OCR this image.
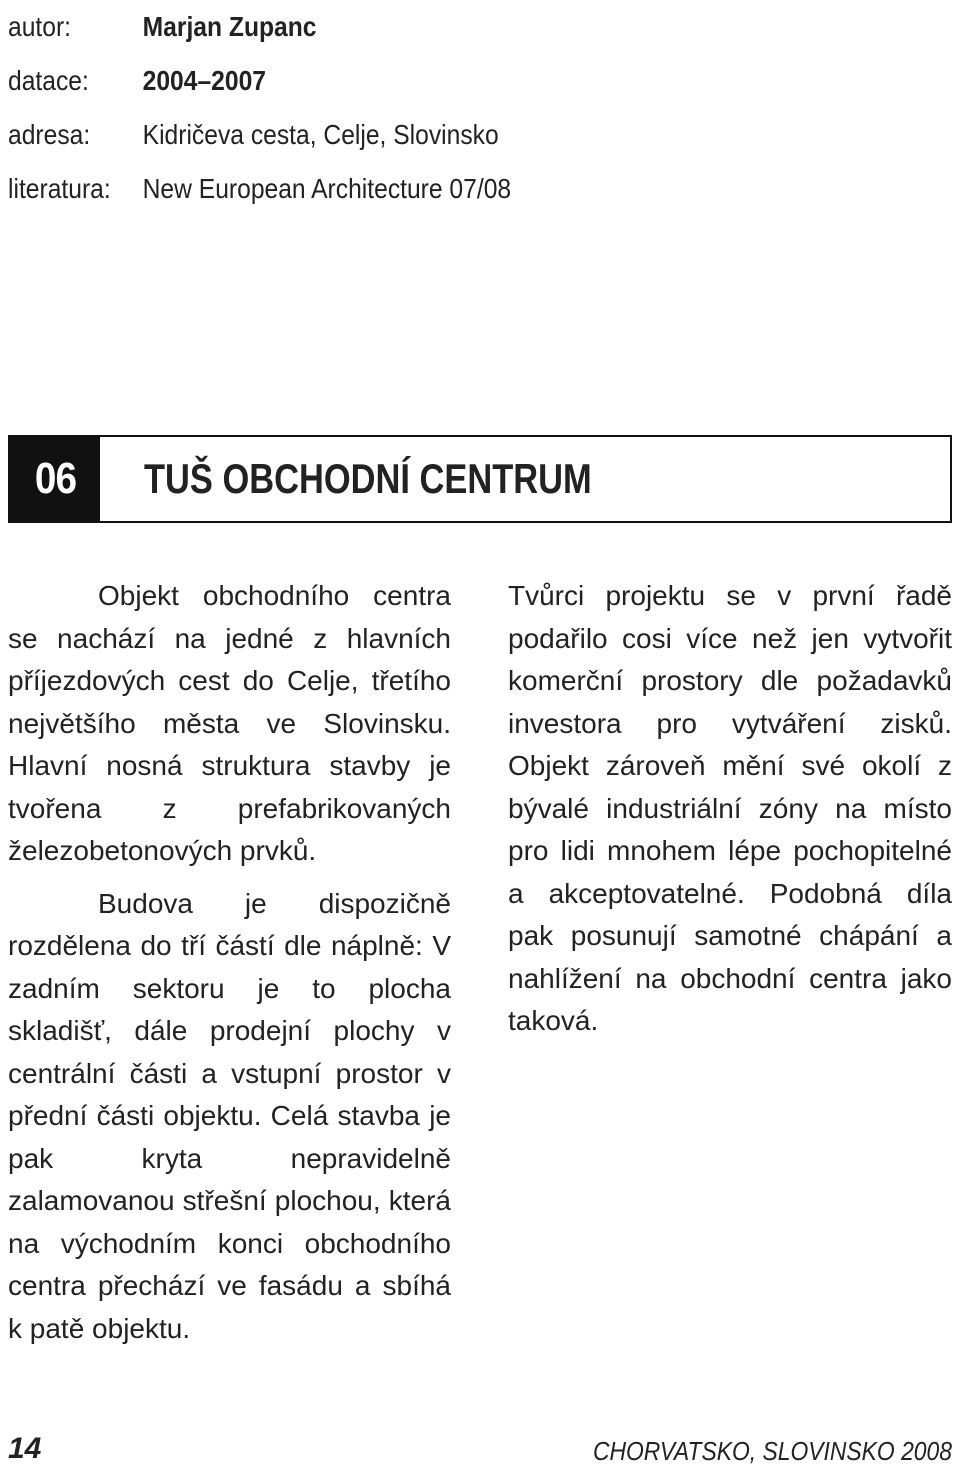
autor:	Marjan Zupanc
datace:	2004–2007
adresa:	Kidričeva cesta, Celje, Slovinsko
literatura:	New European Architecture 07/08
06 TUŠ OBCHODNÍ CENTRUM

Objekt obchodního centra se nachází na jedné z hlavních příjezdových cest do Celje, třetího největšího města ve Slovinsku. Hlavní nosná struktura stavby je tvořena z prefabrikovaných železobetonových prvků.

Budova je dispozičně rozdělena do tří částí dle náplně: V zadním sektoru je to plocha skladišť, dále prodejní plochy v centrální části a vstupní prostor v přední části objektu. Celá stavba je pak kryta nepravidelně zalamovanou střešní plochou, která na východním konci obchodního centra přechází ve fasádu a sbíhá k patě objektu.

Tvůrci projektu se v první řadě podařilo cosi více než jen vytvořit komerční prostory dle požadavků investora pro vytváření zisků. Objekt zároveň mění své okolí z bývalé industriální zóny na místo pro lidi mnohem lépe pochopitelné a akceptovatelné. Podobná díla pak posunují samotné chápání a nahlížení na obchodní centra jako taková.

14	CHORVATSKO, SLOVINSKO 2008
